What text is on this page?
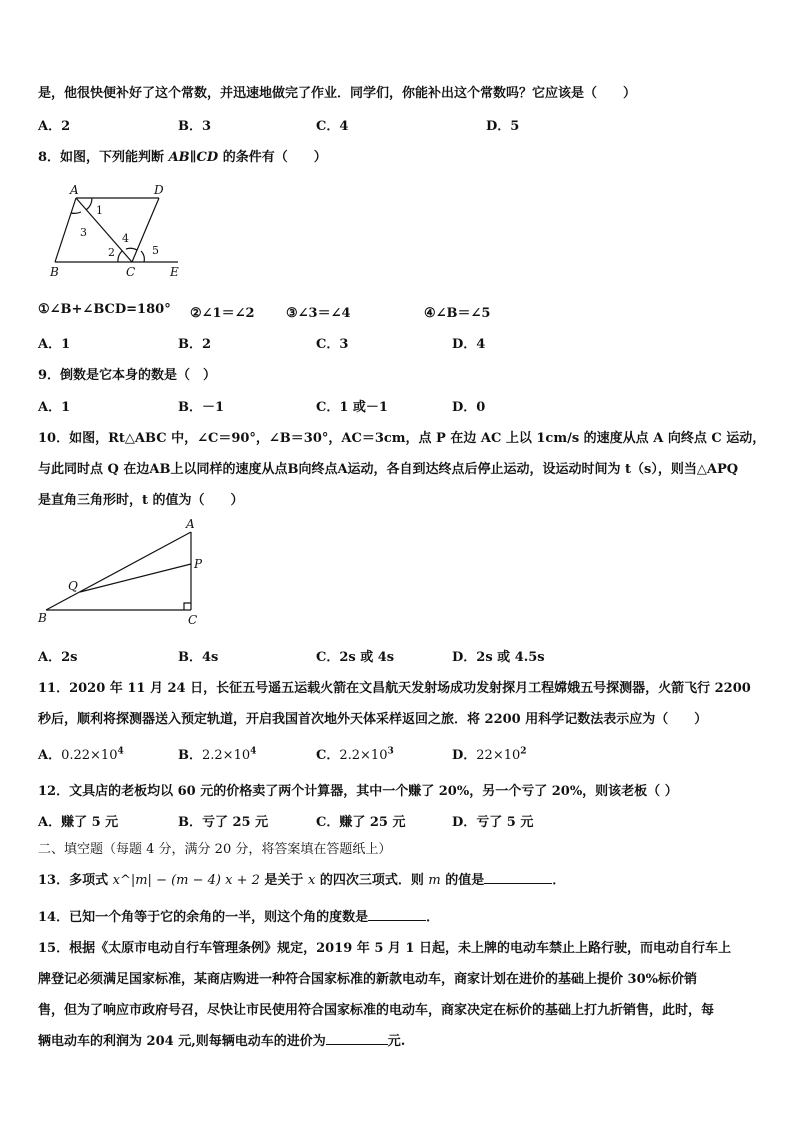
是，他很快便补好了这个常数，并迅速地做完了作业．同学们，你能补出这个常数吗？它应该是（　　）
A．2	B．3	C．4	D．5
8．如图，下列能判断 AB∥CD 的条件有（　　）
A	D
B	C	E
1
2
3	4
5
①∠B+∠BCD=180° ②∠1＝∠2 ③∠3＝∠4	④∠B＝∠5
A．1	B．2	C．3	D．4
9．倒数是它本身的数是（　）
A．1	B．－1	C．1 或－1	D．0
10．如图，Rt△ABC 中，∠C＝90°，∠B＝30°，AC＝3cm，点 P 在边 AC 上以 1cm/s 的速度从点 A 向终点 C 运动，
与此同时点 Q 在边AB上以同样的速度从点B向终点A运动，各自到达终点后停止运动，设运动时间为 t（s），则当△APQ
是直角三角形时，t 的值为（　　）
A
P
Q
B	C
A．2s	B．4s	C．2s 或 4s	D．2s 或 4.5s
11．2020 年 11 月 24 日，长征五号遥五运载火箭在文昌航天发射场成功发射探月工程嫦娥五号探测器，火箭飞行 2200
秒后，顺利将探测器送入预定轨道，开启我国首次地外天体采样返回之旅．将 2200 用科学记数法表示应为（　　）
A．$0.22\times 10^4$	B．$2.2\times 10^4$	C．$2.2\times 10^3$	D．$22\times 10^2$
12．文具店的老板均以 60 元的价格卖了两个计算器，其中一个赚了 20%，另一个亏了 20%，则该老板（ ）
A．赚了 5 元	B．亏了 25 元	C．赚了 25 元	D．亏了 5 元
二、填空题（每题 4 分，满分 20 分，将答案填在答题纸上）
13．多项式 x^|m| − (m − 4) x + 2 是关于 x 的四次三项式．则 m 的值是	．
14．已知一个角等于它的余角的一半，则这个角的度数是	．
15．根据《太原市电动自行车管理条例》规定，2019 年 5 月 1 日起，未上牌的电动车禁止上路行驶，而电动自行车上
牌登记必须满足国家标准，某商店购进一种符合国家标准的新款电动车，商家计划在进价的基础上提价 30%标价销
售，但为了响应市政府号召，尽快让市民使用符合国家标准的电动车，商家决定在标价的基础上打九折销售，此时，每
辆电动车的利润为 204 元,则每辆电动车的进价为	元.
